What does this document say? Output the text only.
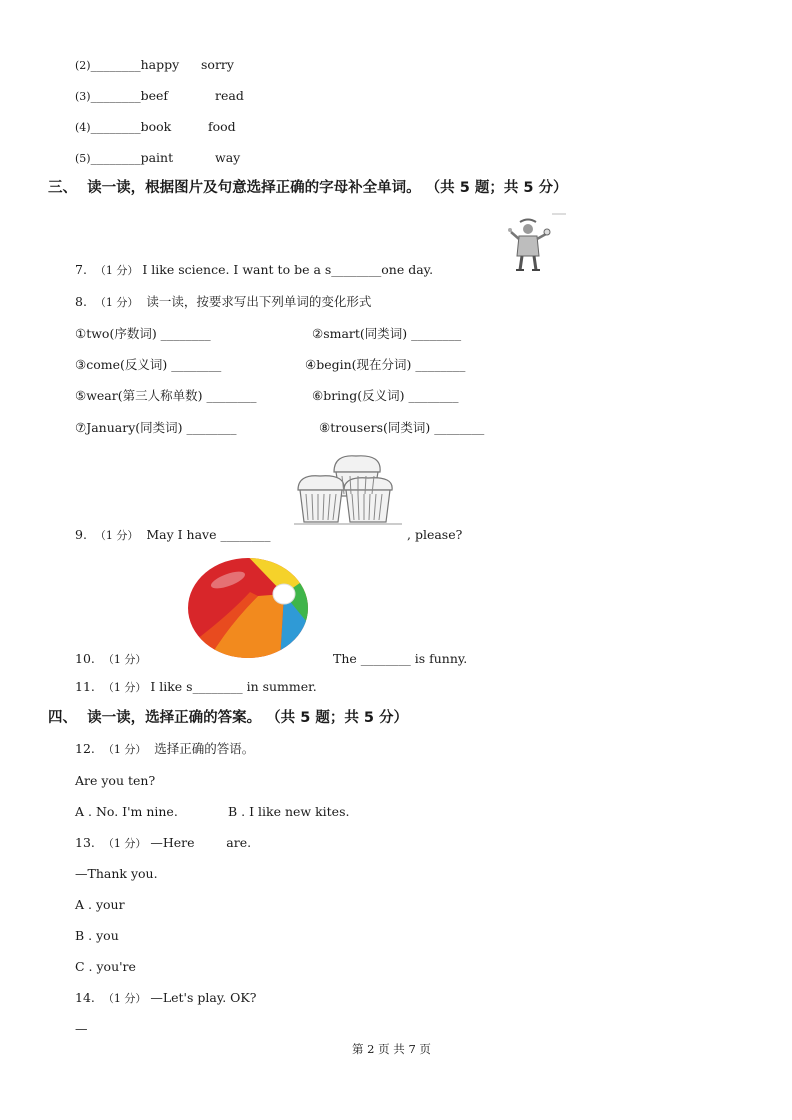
(2)________happy sorry
(3)________beef	read
(4)________book	food
(5)________paint	way
三、  读一读，根据图片及句意选择正确的字母补全单词。 （共 5 题；共 5 分）
7. （1 分） I like science. I want to be a s________one day.
8. （1 分） 读一读，按要求写出下列单词的变化形式
①two(序数词) ________	②smart(同类词) ________
③come(反义词) ________	④begin(现在分词) ________
⑤wear(第三人称单数) ________	⑥bring(反义词) ________
⑦January(同类词) ________	⑧trousers(同类词) ________
9. （1 分） May I have ________	, please?
10. （1 分）	The ________ is funny.
11. （1 分） I like s________ in summer.
四、  读一读，选择正确的答案。 （共 5 题；共 5 分）
12. （1 分） 选择正确的答语。
Are you ten?
A . No. I'm nine.	B . I like new kites.
13. （1 分） —Here        are.
—Thank you.
A . your
B . you
C . you're
14. （1 分） —Let's play. OK?
—
第 2 页 共 7 页
